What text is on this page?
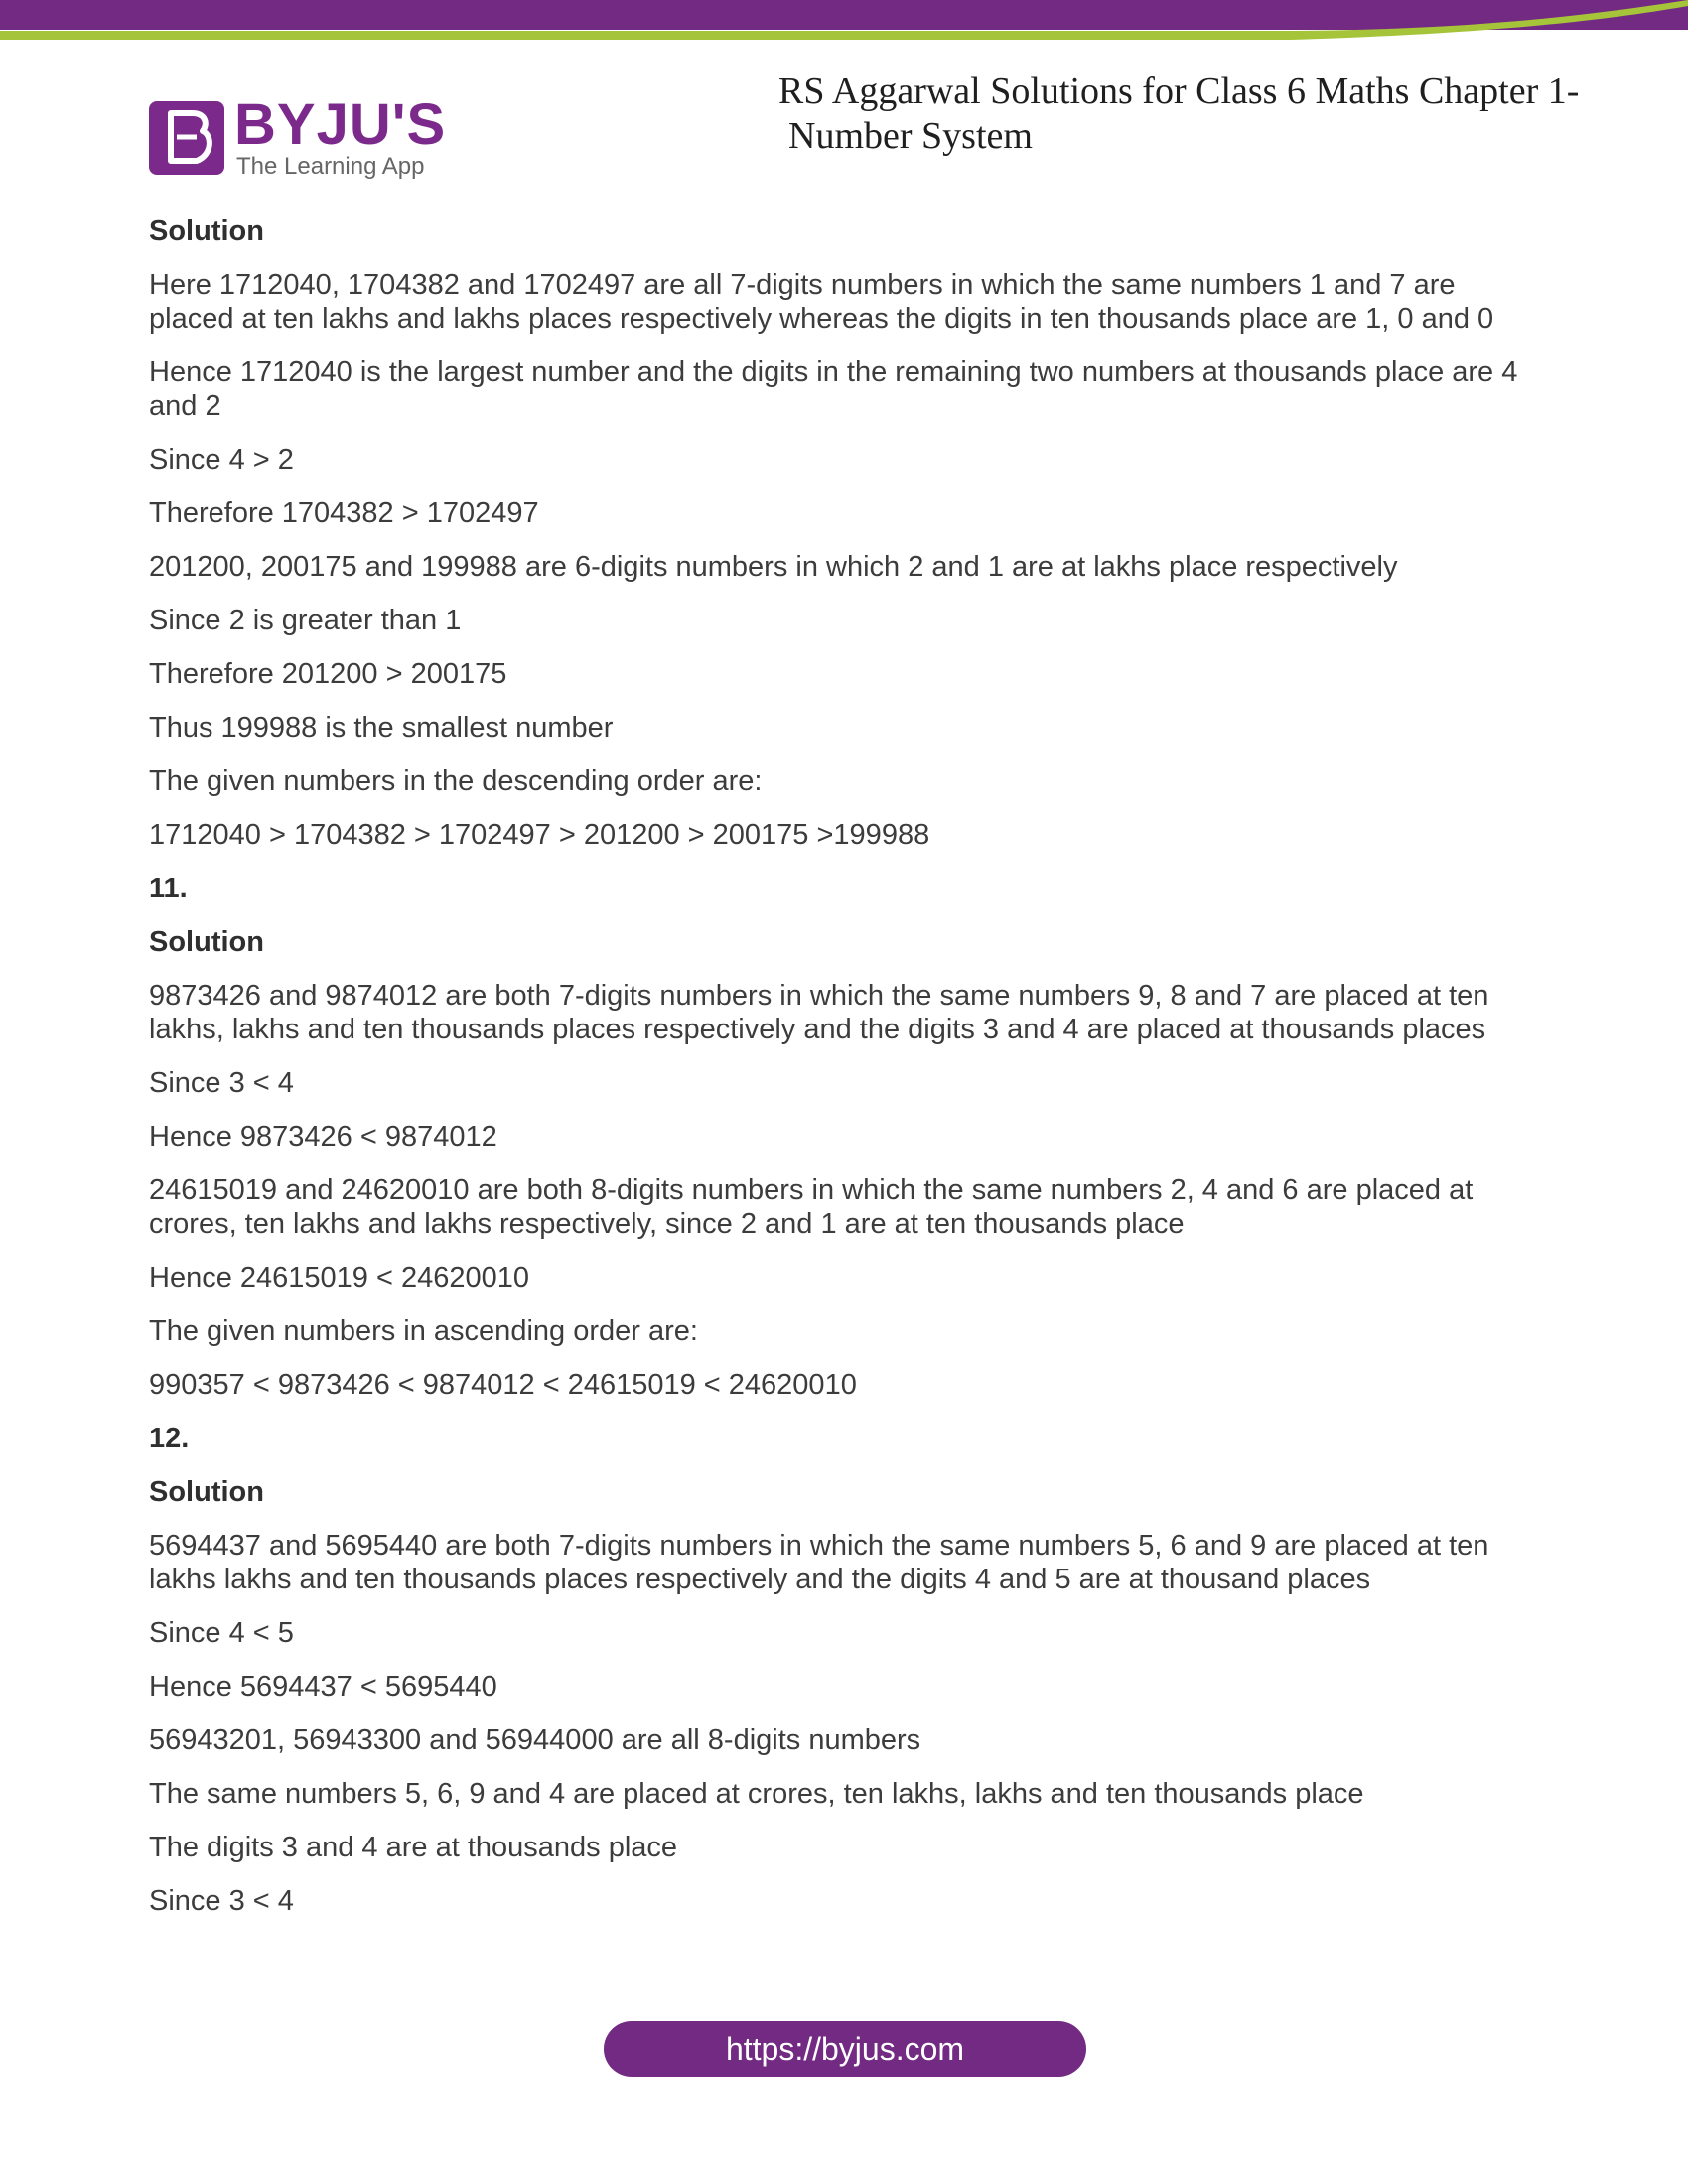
BYJU'S
The Learning App
RS Aggarwal Solutions for Class 6 Maths Chapter 1-
Number System

Solution

Here 1712040, 1704382 and 1702497 are all 7-digits numbers in which the same numbers 1 and 7 are placed at ten lakhs and lakhs places respectively whereas the digits in ten thousands place are 1, 0 and 0

Hence 1712040 is the largest number and the digits in the remaining two numbers at thousands place are 4 and 2

Since 4 > 2

Therefore 1704382 > 1702497

201200, 200175 and 199988 are 6-digits numbers in which 2 and 1 are at lakhs place respectively

Since 2 is greater than 1

Therefore 201200 > 200175

Thus 199988 is the smallest number

The given numbers in the descending order are:

1712040 > 1704382 > 1702497 > 201200 > 200175 >199988

11.

Solution

9873426 and 9874012 are both 7-digits numbers in which the same numbers 9, 8 and 7 are placed at ten lakhs, lakhs and ten thousands places respectively and the digits 3 and 4 are placed at thousands places

Since 3 < 4

Hence 9873426 < 9874012

24615019 and 24620010 are both 8-digits numbers in which the same numbers 2, 4 and 6 are placed at crores, ten lakhs and lakhs respectively, since 2 and 1 are at ten thousands place

Hence 24615019 < 24620010

The given numbers in ascending order are:

990357 < 9873426 < 9874012 < 24615019 < 24620010

12.

Solution

5694437 and 5695440 are both 7-digits numbers in which the same numbers 5, 6 and 9 are placed at ten lakhs lakhs and ten thousands places respectively and the digits 4 and 5 are at thousand places

Since 4 < 5

Hence 5694437 < 5695440

56943201, 56943300 and 56944000 are all 8-digits numbers

The same numbers 5, 6, 9 and 4 are placed at crores, ten lakhs, lakhs and ten thousands place

The digits 3 and 4 are at thousands place

Since 3 < 4

https://byjus.com
